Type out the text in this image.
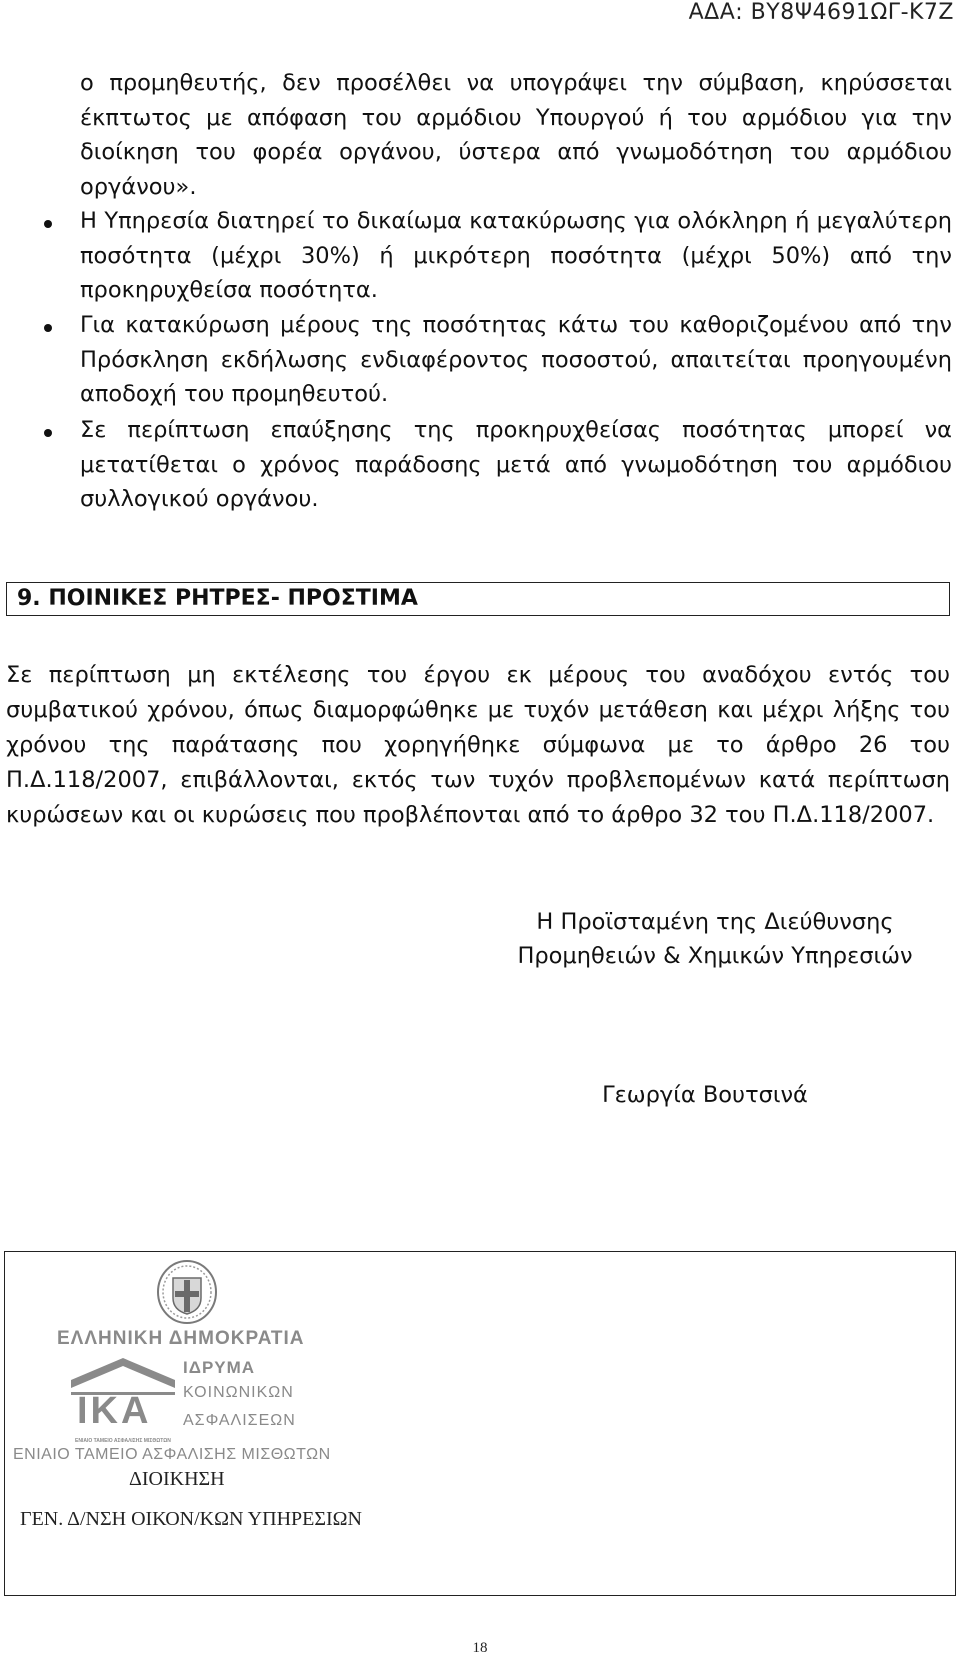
ΑΔΑ: ΒΥ8Ψ4691ΩΓ-Κ7Ζ
ο προμηθευτής, δεν προσέλθει να υπογράψει την σύμβαση, κηρύσσεται έκπτωτος με απόφαση του αρμόδιου Υπουργού ή του αρμόδιου για την διοίκηση του φορέα οργάνου, ύστερα από γνωμοδότηση του αρμόδιου οργάνου».
Η Υπηρεσία διατηρεί το δικαίωμα κατακύρωσης για ολόκληρη ή μεγαλύτερη ποσότητα (μέχρι 30%) ή μικρότερη ποσότητα (μέχρι 50%) από την προκηρυχθείσα ποσότητα.
Για κατακύρωση μέρους της ποσότητας κάτω του καθοριζομένου από την Πρόσκληση εκδήλωσης ενδιαφέροντος ποσοστού, απαιτείται προηγουμένη αποδοχή του προμηθευτού.
Σε περίπτωση επαύξησης της προκηρυχθείσας ποσότητας μπορεί να μετατίθεται ο χρόνος παράδοσης μετά από γνωμοδότηση του αρμόδιου συλλογικού οργάνου.
9. ΠΟΙΝΙΚΕΣ ΡΗΤΡΕΣ- ΠΡΟΣΤΙΜΑ
Σε περίπτωση μη εκτέλεσης του έργου εκ μέρους του αναδόχου εντός του συμβατικού χρόνου, όπως διαμορφώθηκε με τυχόν μετάθεση και μέχρι λήξης του χρόνου της παράτασης που χορηγήθηκε σύμφωνα με το άρθρο 26 του Π.Δ.118/2007, επιβάλλονται, εκτός των τυχόν προβλεπομένων κατά περίπτωση κυρώσεων και οι κυρώσεις που προβλέπονται από το άρθρο 32 του Π.Δ.118/2007.
Η Προϊσταμένη της Διεύθυνσης
Προμηθειών & Χημικών Υπηρεσιών
Γεωργία Βουτσινά
ΕΛΛΗΝΙΚΗ ΔΗΜΟΚΡΑΤΙΑ
IKA
ΕΝΙΑΙΟ ΤΑΜΕΙΟ ΑΣΦΑΛΙΣΗΣ ΜΙΣΘΩΤΩΝ
ΙΔΡΥΜΑ
ΚΟΙΝΩΝΙΚΩΝ
ΑΣΦΑΛΙΣΕΩΝ
ΕΝΙΑΙΟ ΤΑΜΕΙΟ ΑΣΦΑΛΙΣΗΣ ΜΙΣΘΩΤΩΝ
ΔΙΟΙΚΗΣΗ
ΓΕΝ. Δ/ΝΣΗ ΟΙΚΟΝ/ΚΩΝ ΥΠΗΡΕΣΙΩΝ
18
